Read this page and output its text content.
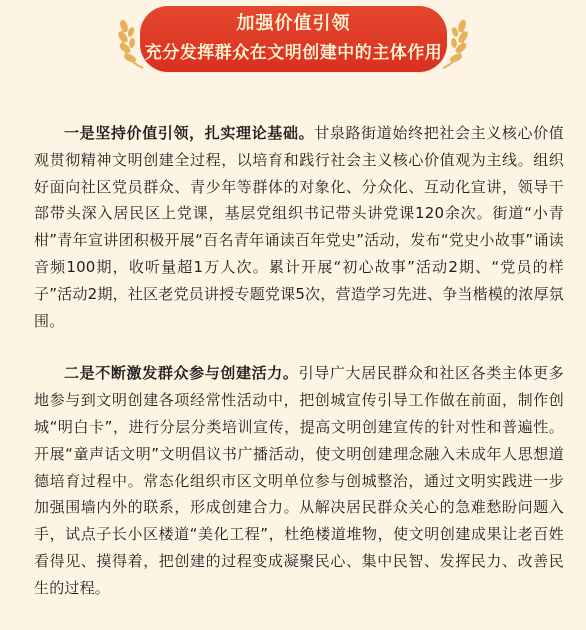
加强价值引领
充分发挥群众在文明创建中的主体作用

一是坚持价值引领，扎实理论基础。甘泉路街道始终把社会主义核心价值观贯彻精神文明创建全过程，以培育和践行社会主义核心价值观为主线。组织好面向社区党员群众、青少年等群体的对象化、分众化、互动化宣讲，领导干部带头深入居民区上党课，基层党组织书记带头讲党课120余次。街道“小青柑”青年宣讲团积极开展“百名青年诵读百年党史”活动，发布“党史小故事”诵读音频100期，收听量超1万人次。累计开展“初心故事”活动2期、“党员的样子”活动2期，社区老党员讲授专题党课5次，营造学习先进、争当楷模的浓厚氛围。

二是不断激发群众参与创建活力。引导广大居民群众和社区各类主体更多地参与到文明创建各项经常性活动中，把创城宣传引导工作做在前面，制作创城“明白卡”，进行分层分类培训宣传，提高文明创建宣传的针对性和普遍性。开展“童声话文明”文明倡议书广播活动，使文明创建理念融入未成年人思想道德培育过程中。常态化组织市区文明单位参与创城整治，通过文明实践进一步加强围墙内外的联系，形成创建合力。从解决居民群众关心的急难愁盼问题入手，试点子长小区楼道“美化工程”，杜绝楼道堆物，使文明创建成果让老百姓看得见、摸得着，把创建的过程变成凝聚民心、集中民智、发挥民力、改善民生的过程。
